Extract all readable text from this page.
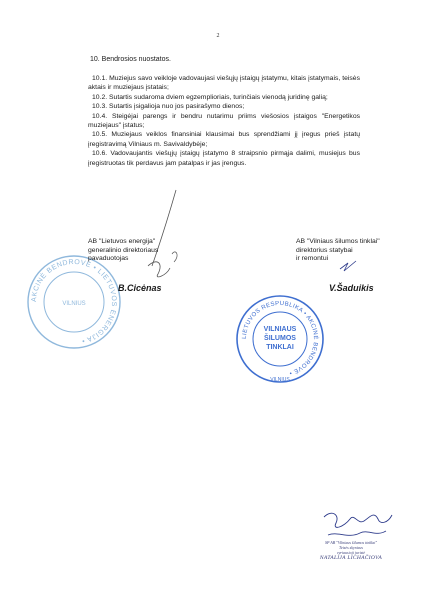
2
10. Bendrosios nuostatos.

10.1. Muziejus savo veikloje vadovaujasi viešųjų įstaigų įstatymu, kitais įstatymais, teisės aktais ir muziejaus įstatais;

10.2. Sutartis sudaroma dviem egzemplioriais, turinčiais vienodą juridinę galią;

10.3. Sutartis įsigalioja nuo jos pasirašymo dienos;

10.4. Steigėjai parengs ir bendru nutarimu priims viešosios įstaigos "Energetikos muziejaus" įstatus;

10.5. Muziejaus veiklos finansiniai klausimai bus sprendžiami jį įregus prieš įstatų įregistravimą Vilniaus m. Savivaldybėje;

10.6. Vadovaujantis viešųjų įstaigų įstatymo 8 straipsnio pirmąja dalimi, musiejus bus įregistruotas tik perdavus jam patalpas ir jas įrengus.

AKCINĖ BENDROVĖ • LIETUVOS ENERGIJA •
VILNIUS
AB "Lietuvos energija"
generalinio direktoriaus
pavaduotojas
B.Cicėnas
LIETUVOS RESPUBLIKA • AKCINĖ BENDROVĖ •
VILNIAUS
ŠILUMOS
TINKLAI
VILNIUS
AB "Vilniaus šilumos tinklai"
direktorius statybai
ir remontui
V.Šaduikis
SP AB "Vilniaus šilumos tinklai"
Teisės skyriaus
vyriausioji juristė
NATALIJA LICHAČIOVA
